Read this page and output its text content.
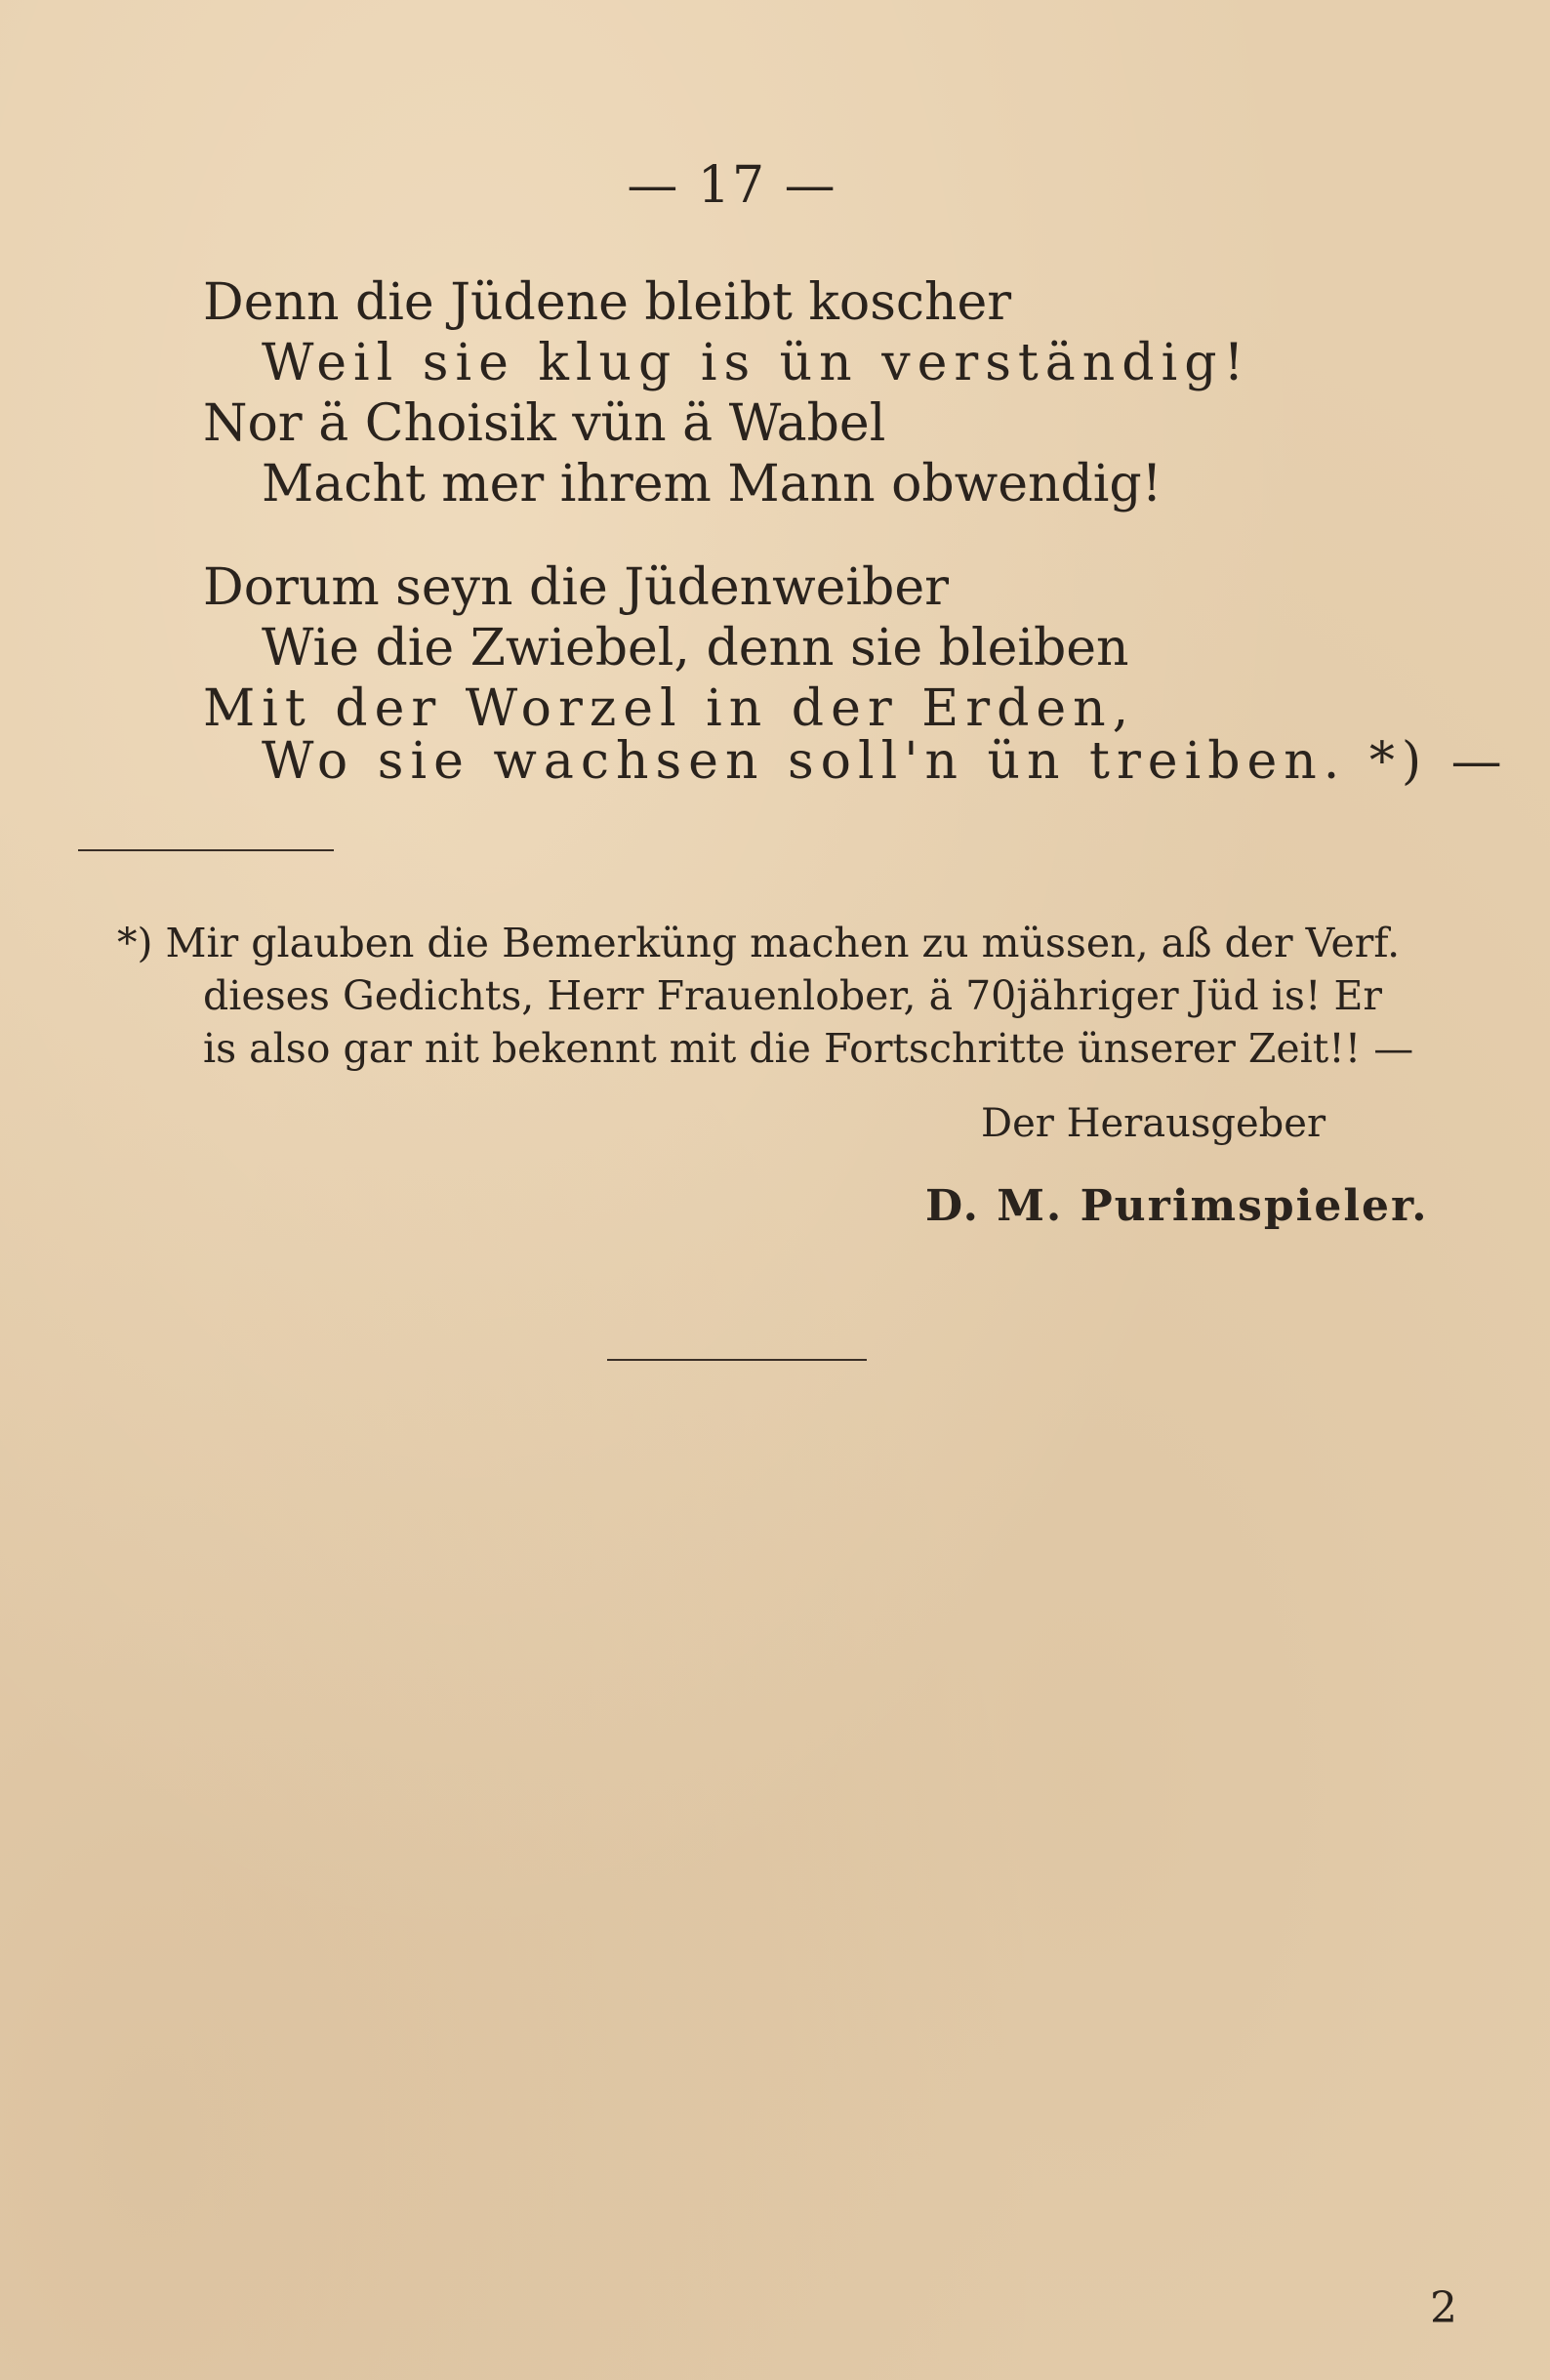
— 17 —
Denn die Jüdene bleibt koscher
Weil sie klug is ün verständig!
Nor ä Choisik vün ä Wabel
Macht mer ihrem Mann obwendig!
Dorum seyn die Jüdenweiber
Wie die Zwiebel, denn sie bleiben
Mit der Worzel in der Erden,
Wo sie wachsen soll'n ün treiben. *) —
*) Mir glauben die Bemerküng machen zu müssen, aß der Verf.
dieses Gedichts, Herr Frauenlober, ä 70jähriger Jüd is! Er
is also gar nit bekennt mit die Fortschritte ünserer Zeit!! —
Der Herausgeber
D. M. Purimspieler.
2
